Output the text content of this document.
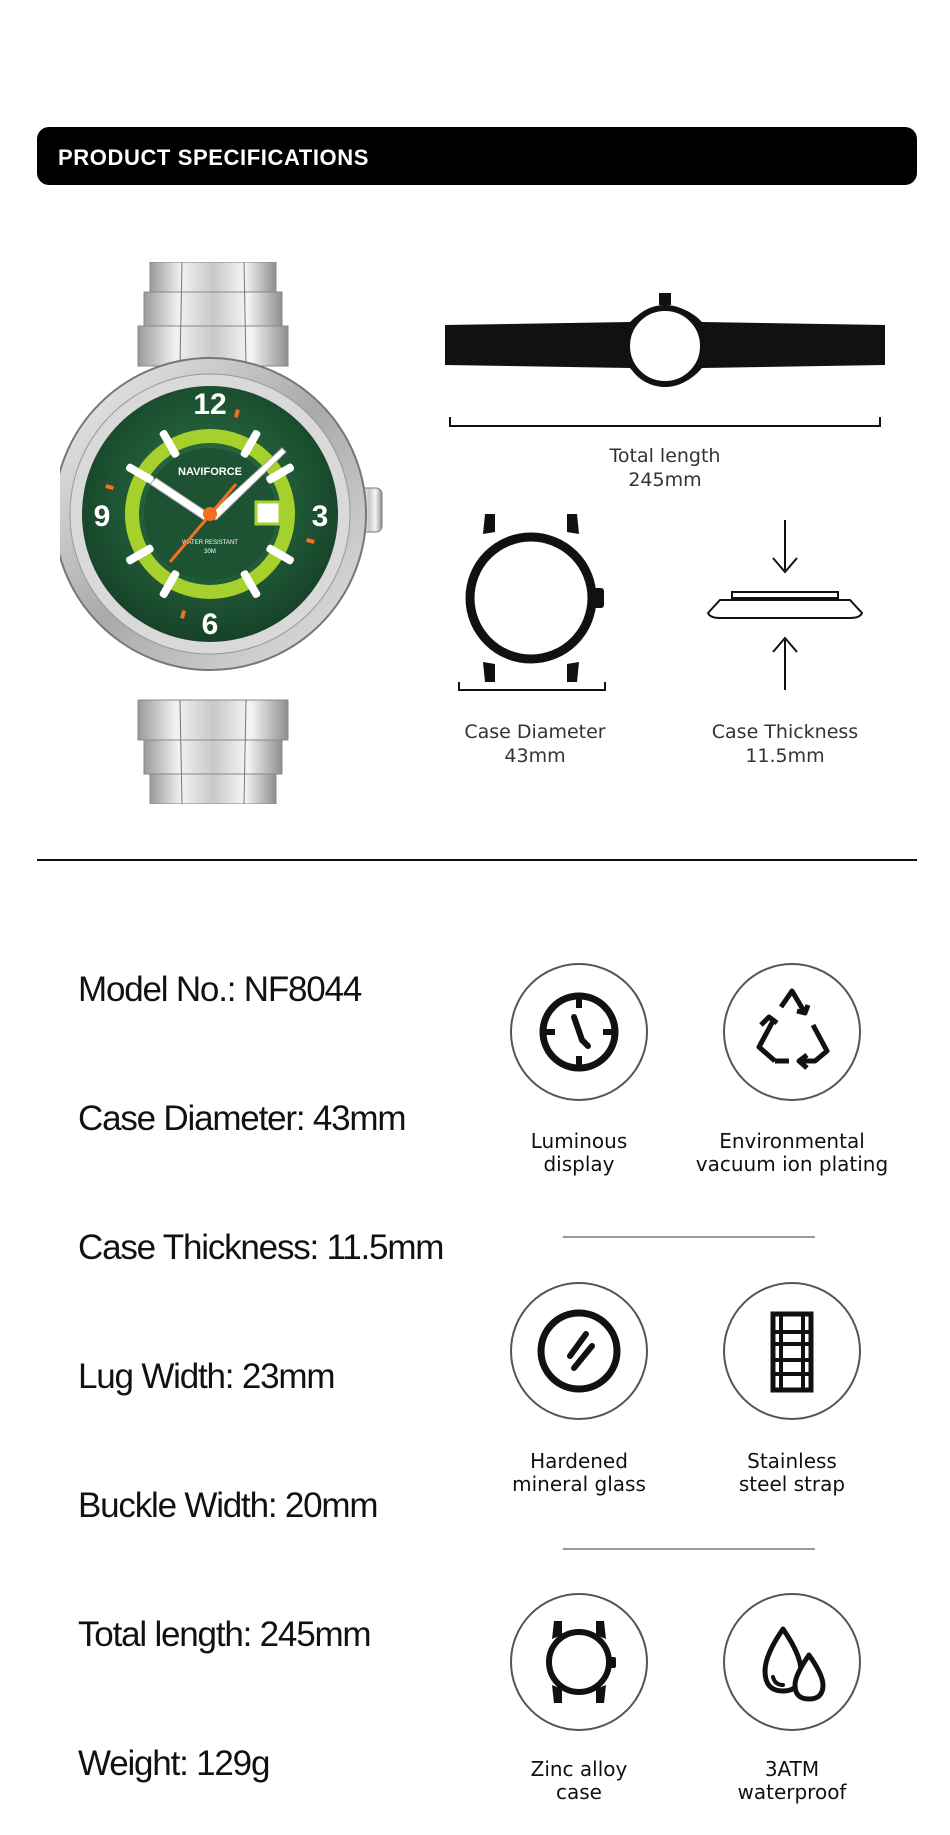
PRODUCT SPECIFICATIONS
12
3
6
9
NAVIFORCE
WATER RESISTANT
30M
Total length
245mm
Case Diameter
43mm
Case Thickness
11.5mm
Model No.: NF8044
Case Diameter: 43mm
Case Thickness: 11.5mm
Lug Width: 23mm
Buckle Width: 20mm
Total length: 245mm
Weight: 129g
Luminous
display
Environmental
vacuum ion plating
Hardened
mineral glass
Stainless
steel strap
Zinc alloy
case
3ATM
waterproof
